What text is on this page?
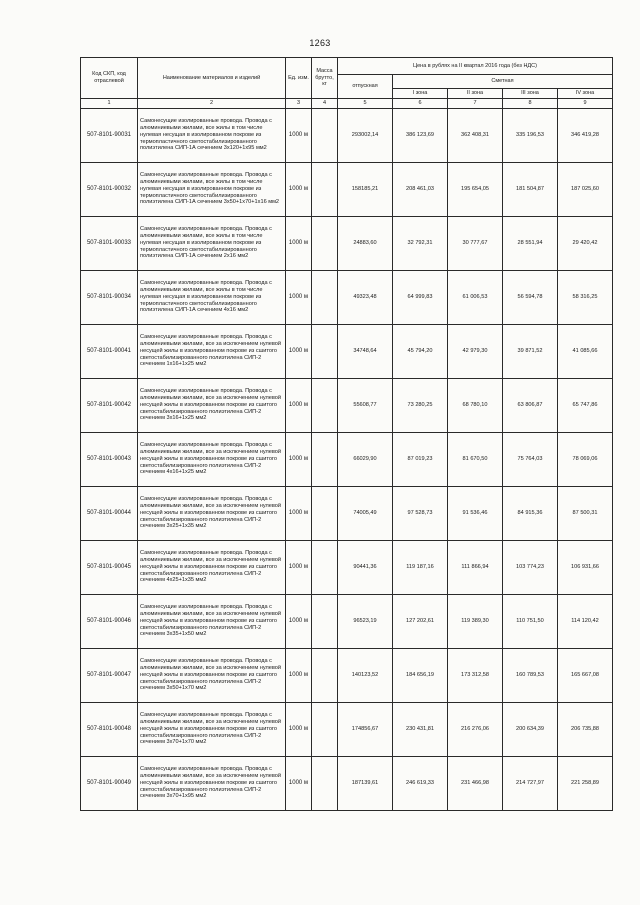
1263
Код СКП, код отраслевой	Наименование материалов и изделий	Ед. изм.	Масса брутто, кг	Цена в рублях на II квартал 2016 года (без НДС)				
				отпускная	Сметная			
					I зона	II зона	III зона	IV зона
1	2	3	4	5	6	7	8	9
507-8101-90031	Самонесущие изолированные провода. Провода с алюминиевыми жилами, все жилы в том числе нулевая несущая в изолированном покрове из термопластичного светостабилизированного полиэтилена СИП-1А сечением 3х120+1х95 мм2	1000 м		293002,14	386 123,69	362 408,31	335 196,53	346 419,28
507-8101-90032	Самонесущие изолированные провода. Провода с алюминиевыми жилами, все жилы в том числе нулевая несущая в изолированном покрове из термопластичного светостабилизированного полиэтилена СИП-1А сечением 3х50+1х70+1х16 мм2	1000 м		158185,21	208 461,03	195 654,05	181 504,87	187 025,60
507-8101-90033	Самонесущие изолированные провода. Провода с алюминиевыми жилами, все жилы в том числе нулевая несущая в изолированном покрове из термопластичного светостабилизированного полиэтилена СИП-1А сечением 2х16 мм2	1000 м		24883,60	32 792,31	30 777,67	28 551,94	29 420,42
507-8101-90034	Самонесущие изолированные провода. Провода с алюминиевыми жилами, все жилы в том числе нулевая несущая в изолированном покрове из термопластичного светостабилизированного полиэтилена СИП-1А сечением 4х16 мм2	1000 м		49323,48	64 999,83	61 006,53	56 594,78	58 316,25
507-8101-90041	Самонесущие изолированные провода. Провода с алюминиевыми жилами, все за исключением нулевой несущей жилы в изолированном покрове из сшитого светостабилизированного полиэтилена СИП-2 сечением 1х16+1х25 мм2	1000 м		34748,64	45 794,20	42 979,30	39 871,52	41 085,66
507-8101-90042	Самонесущие изолированные провода. Провода с алюминиевыми жилами, все за исключением нулевой несущей жилы в изолированном покрове из сшитого светостабилизированного полиэтилена СИП-2 сечением 3х16+1х25 мм2	1000 м		55608,77	73 280,25	68 780,10	63 806,87	65 747,86
507-8101-90043	Самонесущие изолированные провода. Провода с алюминиевыми жилами, все за исключением нулевой несущей жилы в изолированном покрове из сшитого светостабилизированного полиэтилена СИП-2 сечением 4х16+1х25 мм2	1000 м		66029,90	87 019,23	81 670,50	75 764,03	78 069,06
507-8101-90044	Самонесущие изолированные провода. Провода с алюминиевыми жилами, все за исключением нулевой несущей жилы в изолированном покрове из сшитого светостабилизированного полиэтилена СИП-2 сечением 3х25+1х35 мм2	1000 м		74005,49	97 528,73	91 536,46	84 915,36	87 500,31
507-8101-90045	Самонесущие изолированные провода. Провода с алюминиевыми жилами, все за исключением нулевой несущей жилы в изолированном покрове из сшитого светостабилизированного полиэтилена СИП-2 сечением 4х25+1х35 мм2	1000 м		90441,36	119 187,16	111 866,94	103 774,23	106 931,66
507-8101-90046	Самонесущие изолированные провода. Провода с алюминиевыми жилами, все за исключением нулевой несущей жилы в изолированном покрове из сшитого светостабилизированного полиэтилена СИП-2 сечением 3х35+1х50 мм2	1000 м		96523,19	127 202,61	119 389,30	110 751,50	114 120,42
507-8101-90047	Самонесущие изолированные провода. Провода с алюминиевыми жилами, все за исключением нулевой несущей жилы в изолированном покрове из сшитого светостабилизированного полиэтилена СИП-2 сечением 3х50+1х70 мм2	1000 м		140123,52	184 656,19	173 312,58	160 789,53	165 667,08
507-8101-90048	Самонесущие изолированные провода. Провода с алюминиевыми жилами, все за исключением нулевой несущей жилы в изолированном покрове из сшитого светостабилизированного полиэтилена СИП-2 сечением 3х70+1х70 мм2	1000 м		174856,67	230 431,81	216 276,06	200 634,39	206 735,88
507-8101-90049	Самонесущие изолированные провода. Провода с алюминиевыми жилами, все за исключением нулевой несущей жилы в изолированном покрове из сшитого светостабилизированного полиэтилена СИП-2 сечением 3х70+1х95 мм2	1000 м		187139,61	246 619,33	231 466,98	214 727,97	221 258,89
